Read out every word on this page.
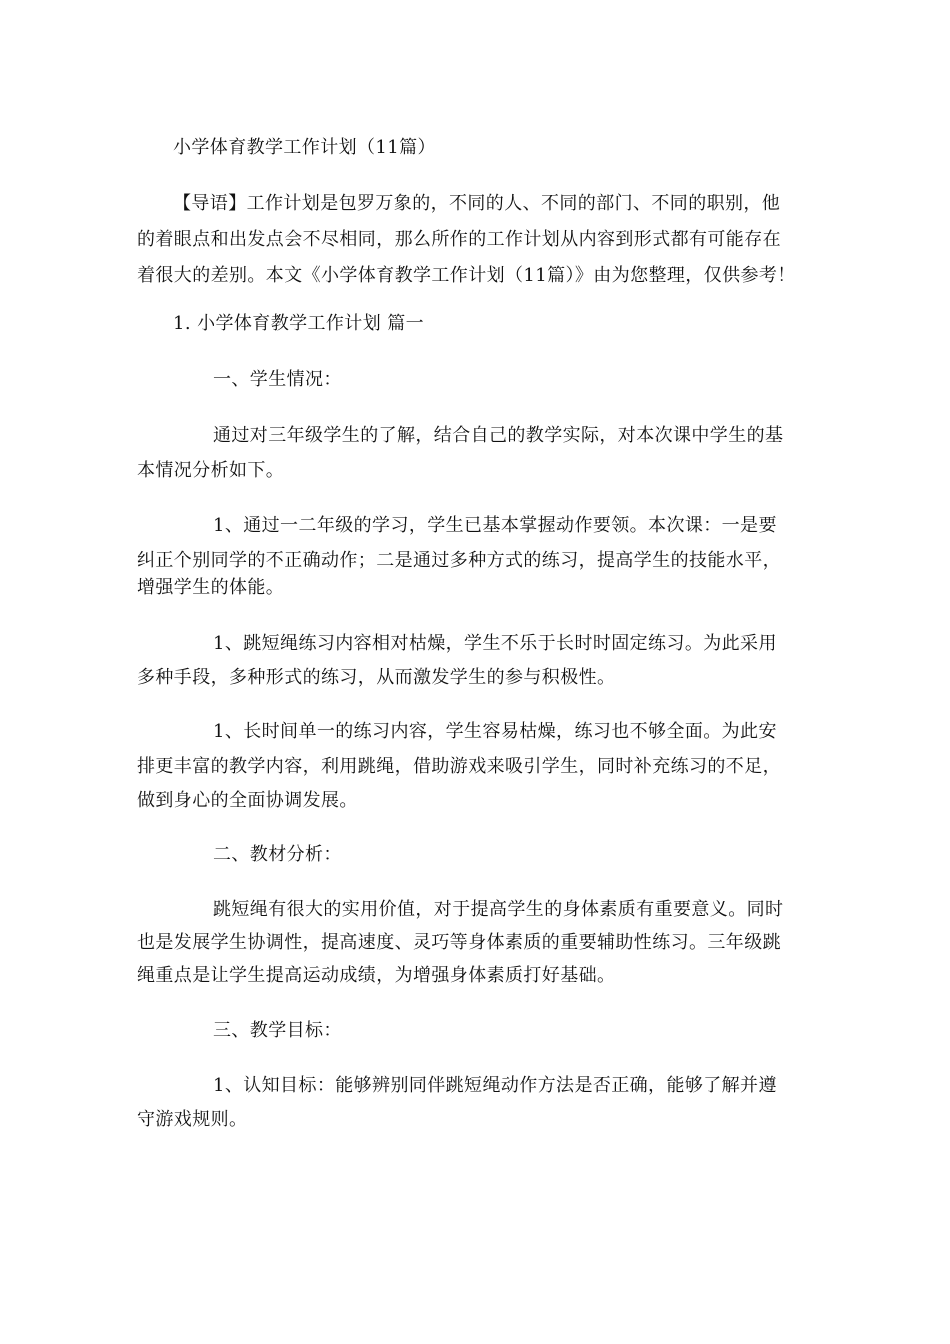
小学体育教学工作计划（11篇）
【导语】工作计划是包罗万象的，不同的人、不同的部门、不同的职别，他
的着眼点和出发点会不尽相同，那么所作的工作计划从内容到形式都有可能存在
着很大的差别。本文《小学体育教学工作计划（11篇）》由为您整理，仅供参考！
1. 小学体育教学工作计划 篇一
一、学生情况：
通过对三年级学生的了解，结合自己的教学实际，对本次课中学生的基
本情况分析如下。
1、通过一二年级的学习，学生已基本掌握动作要领。本次课：一是要
纠正个别同学的不正确动作；二是通过多种方式的练习，提高学生的技能水平，
增强学生的体能。
1、跳短绳练习内容相对枯燥，学生不乐于长时时固定练习。为此采用
多种手段，多种形式的练习，从而激发学生的参与积极性。
1、长时间单一的练习内容，学生容易枯燥，练习也不够全面。为此安
排更丰富的教学内容，利用跳绳，借助游戏来吸引学生，同时补充练习的不足，
做到身心的全面协调发展。
二、教材分析：
跳短绳有很大的实用价值，对于提高学生的身体素质有重要意义。同时
也是发展学生协调性，提高速度、灵巧等身体素质的重要辅助性练习。三年级跳
绳重点是让学生提高运动成绩，为增强身体素质打好基础。
三、教学目标：
1、认知目标：能够辨别同伴跳短绳动作方法是否正确，能够了解并遵
守游戏规则。
